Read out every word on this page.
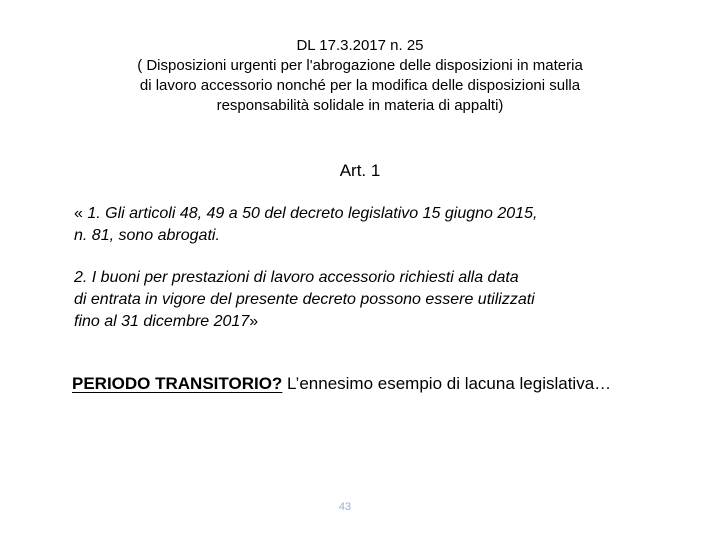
DL 17.3.2017 n. 25
( Disposizioni urgenti per l'abrogazione delle disposizioni in materia
di lavoro accessorio nonché per la modifica delle disposizioni sulla
responsabilità solidale in materia di appalti)
Art. 1
« 1. Gli articoli 48, 49 a 50 del decreto legislativo 15 giugno 2015,
n. 81, sono abrogati.
2. I buoni per prestazioni di lavoro accessorio richiesti alla data
di entrata in vigore del presente decreto possono essere utilizzati
fino al 31 dicembre 2017»
PERIODO TRANSITORIO? L’ennesimo esempio di lacuna legislativa…
43
